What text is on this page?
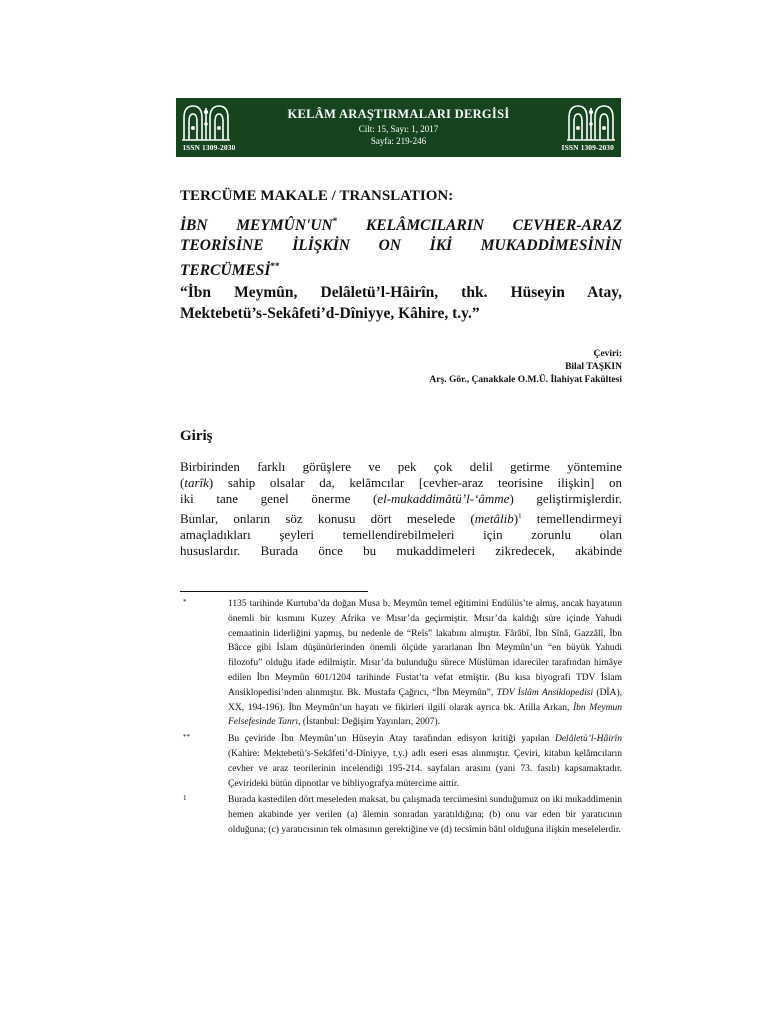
ISSN 1309-2030	ISSN 1309-2030
KELÂM ARAŞTIRMALARI DERGİSİ
Cilt: 15, Sayı: 1, 2017
Sayfa: 219-246
TERCÜME MAKALE / TRANSLATION:
İBN MEYMÛN'UN* KELÂMCILARIN CEVHER-ARAZ
TEORİSİNE İLİŞKİN ON İKİ MUKADDİMESİNİN
TERCÜMESİ**
“İbn Meymûn, Delâletü’l-Hâirîn, thk. Hüseyin Atay,
Mektebetü’s-Sekâfeti’d-Dîniyye, Kâhire, t.y.”
Çeviri:
Bilal TAŞKIN
Arş. Gör., Çanakkale O.M.Ü. İlahiyat Fakültesi
Giriş
Birbirinden farklı görüşlere ve pek çok delil getirme yöntemine
(tarîk) sahip olsalar da, kelâmcılar [cevher-araz teorisine ilişkin] on
iki tane genel önerme (el-mukaddimâtü’l-‘âmme) geliştirmişlerdir.
Bunlar, onların söz konusu dört meselede (metâlib)$^1$ temellendirmeyi
amaçladıkları şeyleri temellendirebilmeleri için zorunlu olan
hususlardır. Burada önce bu mukaddimeleri zikredecek, akabinde
*	1135 tarihinde Kurtuba’da doğan Musa b. Meymûn temel eğitimini Endülüs’te almış, ancak hayatının önemli bir kısmını Kuzey Afrika ve Mısır’da geçirmiştir. Mısır’da kaldığı süre içinde Yahudi cemaatinin liderliğini yapmış, bu nedenle de “Reîs” lakabını almıştır. Fârâbî, İbn Sînâ, Gazzâlî, İbn Bâcce gibi İslam düşünürlerinden önemli ölçüde yararlanan İbn Meymûn’un “en büyük Yahudi filozofu” olduğu ifade edilmiştir. Mısır’da bulunduğu sürece Müslüman idareciler tarafından himâye edilen İbn Meymûn 601/1204 tarihinde Fustat’ta vefat etmiştir. (Bu kısa biyografi TDV İslam Ansiklopedisi’nden alınmıştır. Bk. Mustafa Çağrıcı, “İbn Meymûn”, TDV İslâm Ansiklopedisi (DİA), XX, 194-196). İbn Meymûn’un hayatı ve fikirleri ilgili olarak ayrıca bk. Atilla Arkan, İbn Meymun Felsefesinde Tanrı, (İstanbul: Değişim Yayınları, 2007).
**	Bu çeviride İbn Meymûn’un Hüseyin Atay tarafından edisyon kritiği yapılan Delâletü’l-Hâirîn (Kahire: Mektebetü’s-Sekâfeti’d-Dîniyye, t.y.) adlı eseri esas alınmıştır. Çeviri, kitabın kelâmcıların cevher ve araz teorilerinin incelendiği 195-214. sayfaları arasını (yani 73. fasılı) kapsamaktadır. Çevirideki bütün dipnotlar ve bibliyografya mütercime aittir.
1	Burada kastedilen dört meseleden maksat, bu çalışmada tercümesini sunduğumuz on iki mukaddimenin hemen akabinde yer verilen (a) âlemin sonradan yaratıldığına; (b) onu var eden bir yaratıcının olduğuna; (c) yaratıcısının tek olmasının gerektiğine ve (d) tecsîmin bâtıl olduğuna ilişkin meselelerdir.
